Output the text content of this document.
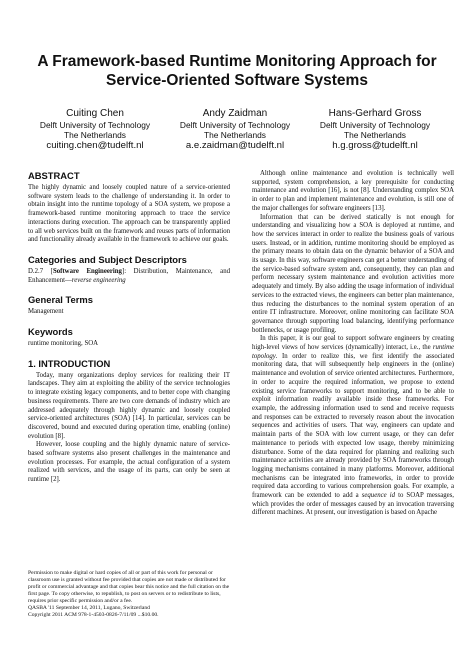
A Framework-based Runtime Monitoring Approach for
Service-Oriented Software Systems
Cuiting Chen
Delft University of Technology
The Netherlands
cuiting.chen@tudelft.nl
Andy Zaidman
Delft University of Technology
The Netherlands
a.e.zaidman@tudelft.nl
Hans-Gerhard Gross
Delft University of Technology
The Netherlands
h.g.gross@tudelft.nl
ABSTRACT

The highly dynamic and loosely coupled nature of a service-oriented software system leads to the challenge of understanding it. In order to obtain insight into the runtime topology of a SOA system, we propose a framework-based runtime monitoring approach to trace the service interactions during execution. The approach can be transparently applied to all web services built on the framework and reuses parts of information and functionality already available in the framework to achieve our goals.

Categories and Subject Descriptors

D.2.7 [Software Engineering]: Distribution, Maintenance, and Enhancement—reverse engineering

General Terms

Management

Keywords

runtime monitoring, SOA

1. INTRODUCTION

Today, many organizations deploy services for realizing their IT landscapes. They aim at exploiting the ability of the service technologies to integrate existing legacy components, and to better cope with changing business requirements. There are two core demands of industry which are addressed adequately through highly dynamic and loosely coupled service-oriented architectures (SOA) [14]. In particular, services can be discovered, bound and executed during operation time, enabling (online) evolution [8].

However, loose coupling and the highly dynamic nature of service-based software systems also present challenges in the maintenance and evolution processes. For example, the actual configuration of a system realized with services, and the usage of its parts, can only be seen at runtime [2].

Permission to make digital or hard copies of all or part of this work for personal or classroom use is granted without fee provided that copies are not made or distributed for profit or commercial advantage and that copies bear this notice and the full citation on the first page. To copy otherwise, to republish, to post on servers or to redistribute to lists, requires prior specific permission and/or a fee.

QASBA '11 September 14, 2011, Lugano, Switzerland

Copyright 2011 ACM 978-1-4503-0826-7/11/09 ...$10.00.

Although online maintenance and evolution is technically well supported, system comprehension, a key prerequisite for conducting maintenance and evolution [16], is not [8]. Understanding complex SOA in order to plan and implement maintenance and evolution, is still one of the major challenges for software engineers [13].

Information that can be derived statically is not enough for understanding and visualizing how a SOA is deployed at runtime, and how the services interact in order to realize the business goals of various users. Instead, or in addition, runtime monitoring should be employed as the primary means to obtain data on the dynamic behavior of a SOA and its usage. In this way, software engineers can get a better understanding of the service-based software system and, consequently, they can plan and perform necessary system maintenance and evolution activities more adequately and timely. By also adding the usage information of individual services to the extracted views, the engineers can better plan maintenance, thus reducing the disturbances to the nominal system operation of an entire IT infrastructure. Moreover, online monitoring can facilitate SOA governance through supporting load balancing, identifying performance bottlenecks, or usage profiling.

In this paper, it is our goal to support software engineers by creating high-level views of how services (dynamically) interact, i.e., the runtime topology. In order to realize this, we first identify the associated monitoring data, that will subsequently help engineers in the (online) maintenance and evolution of service oriented architectures. Furthermore, in order to acquire the required information, we propose to extend existing service frameworks to support monitoring, and to be able to exploit information readily available inside these frameworks. For example, the addressing information used to send and receive requests and responses can be extracted to reversely reason about the invocation sequences and activities of users. That way, engineers can update and maintain parts of the SOA with low current usage, or they can defer maintenance to periods with expected low usage, thereby minimizing disturbance. Some of the data required for planning and realizing such maintenance activities are already provided by SOA frameworks through logging mechanisms contained in many platforms. Moreover, additional mechanisms can be integrated into frameworks, in order to provide required data according to various comprehension goals. For example, a framework can be extended to add a sequence id to SOAP messages, which provides the order of messages caused by an invocation traversing different machines. At present, our investigation is based on Apache
